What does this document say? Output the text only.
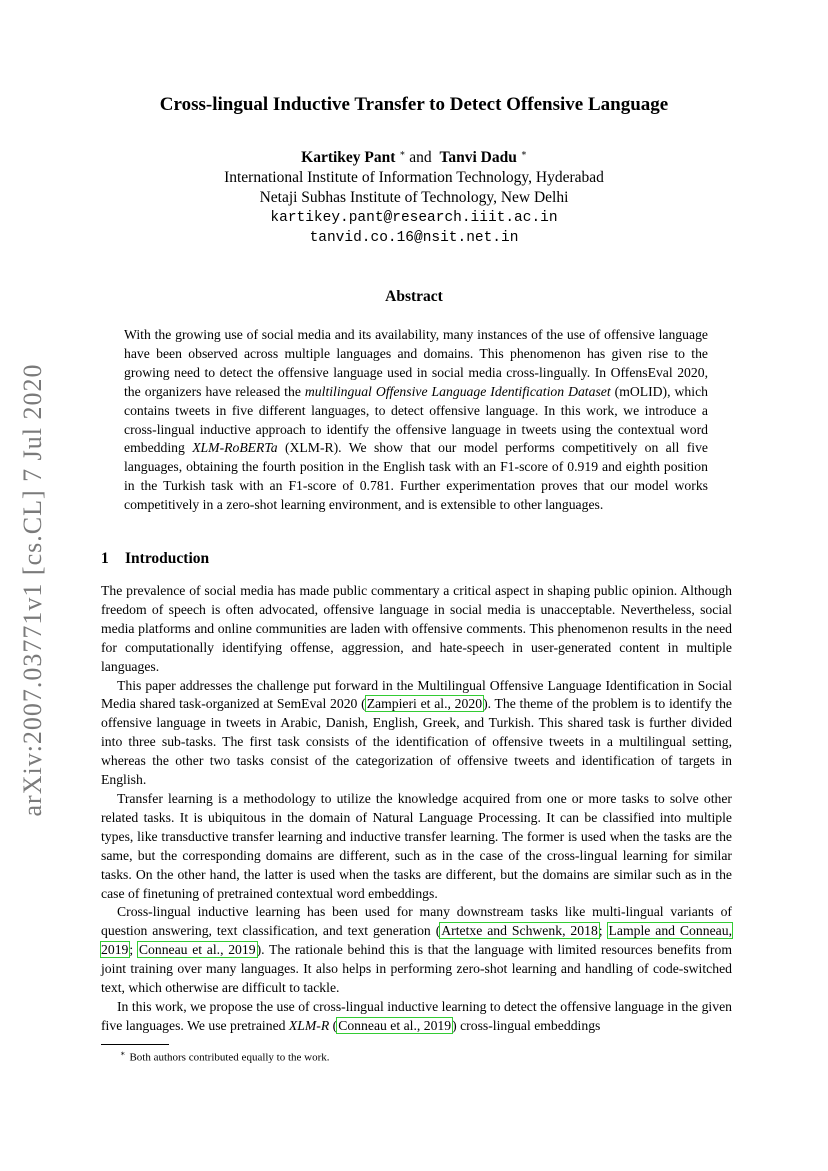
arXiv:2007.03771v1 [cs.CL] 7 Jul 2020
Cross-lingual Inductive Transfer to Detect Offensive Language
Kartikey Pant ∗ and Tanvi Dadu ∗
International Institute of Information Technology, Hyderabad
Netaji Subhas Institute of Technology, New Delhi
kartikey.pant@research.iiit.ac.in
tanvid.co.16@nsit.net.in
Abstract

With the growing use of social media and its availability, many instances of the use of offensive language have been observed across multiple languages and domains. This phenomenon has given rise to the growing need to detect the offensive language used in social media cross-lingually. In OffensEval 2020, the organizers have released the multilingual Offensive Language Identification Dataset (mOLID), which contains tweets in five different languages, to detect offensive language. In this work, we introduce a cross-lingual inductive approach to identify the offensive language in tweets using the contextual word embedding XLM-RoBERTa (XLM-R). We show that our model performs competitively on all five languages, obtaining the fourth position in the English task with an F1-score of 0.919 and eighth position in the Turkish task with an F1-score of 0.781. Further experimentation proves that our model works competitively in a zero-shot learning environment, and is extensible to other languages.

1 Introduction

The prevalence of social media has made public commentary a critical aspect in shaping public opinion. Although freedom of speech is often advocated, offensive language in social media is unacceptable. Nevertheless, social media platforms and online communities are laden with offensive comments. This phenomenon results in the need for computationally identifying offense, aggression, and hate-speech in user-generated content in multiple languages.

This paper addresses the challenge put forward in the Multilingual Offensive Language Identification in Social Media shared task-organized at SemEval 2020 (Zampieri et al., 2020). The theme of the problem is to identify the offensive language in tweets in Arabic, Danish, English, Greek, and Turkish. This shared task is further divided into three sub-tasks. The first task consists of the identification of offensive tweets in a multilingual setting, whereas the other two tasks consist of the categorization of offensive tweets and identification of targets in English.

Transfer learning is a methodology to utilize the knowledge acquired from one or more tasks to solve other related tasks. It is ubiquitous in the domain of Natural Language Processing. It can be classified into multiple types, like transductive transfer learning and inductive transfer learning. The former is used when the tasks are the same, but the corresponding domains are different, such as in the case of the cross-lingual learning for similar tasks. On the other hand, the latter is used when the tasks are different, but the domains are similar such as in the case of finetuning of pretrained contextual word embeddings.

Cross-lingual inductive learning has been used for many downstream tasks like multi-lingual variants of question answering, text classification, and text generation (Artetxe and Schwenk, 2018; Lample and Conneau, 2019; Conneau et al., 2019). The rationale behind this is that the language with limited resources benefits from joint training over many languages. It also helps in performing zero-shot learning and handling of code-switched text, which otherwise are difficult to tackle.

In this work, we propose the use of cross-lingual inductive learning to detect the offensive language in the given five languages. We use pretrained XLM-R (Conneau et al., 2019) cross-lingual embeddings

∗ Both authors contributed equally to the work.
